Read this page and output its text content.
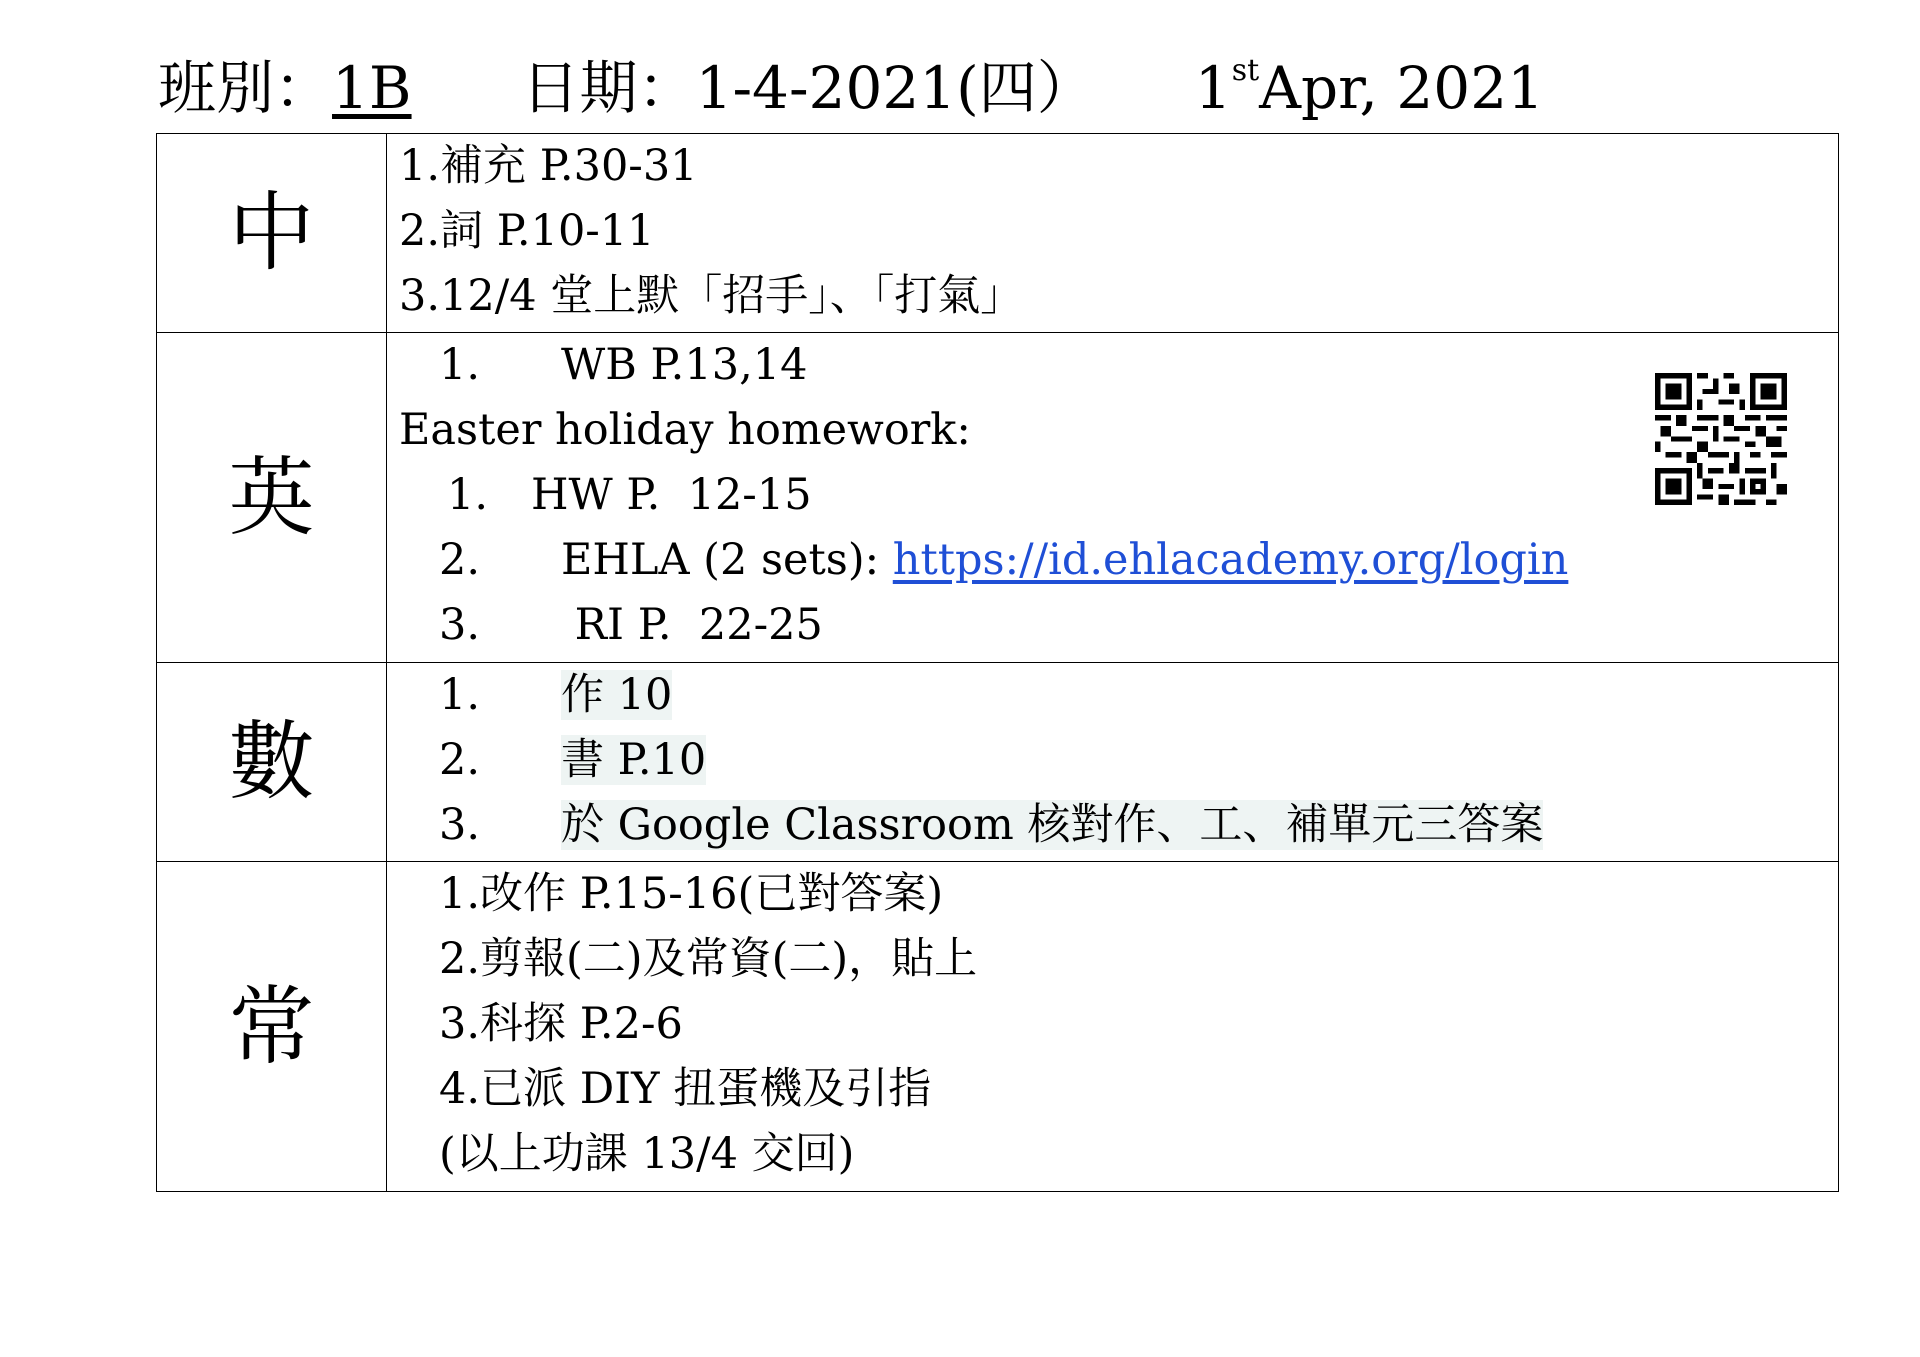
班別：1B 日期：1-4-2021(四） 1stApr, 2021
中	1.補充 P.30-31
2.詞 P.10-11
3.12/4 堂上默「招手」、「打氣」

英	1. WB P.13,14
Easter holiday homework:
1. HW P.  12-15
2. EHLA (2 sets): https://id.ehlacademy.org/login
3. RI P.  22-25

數	1. 作 10
2. 書 P.10
3. 於 Google Classroom 核對作、工、補單元三答案

常	1.改作 P.15-16(已對答案)
2.剪報(二)及常資(二)，貼上
3.科探 P.2-6
4.已派 DIY 扭蛋機及引指
(以上功課 13/4 交回)
